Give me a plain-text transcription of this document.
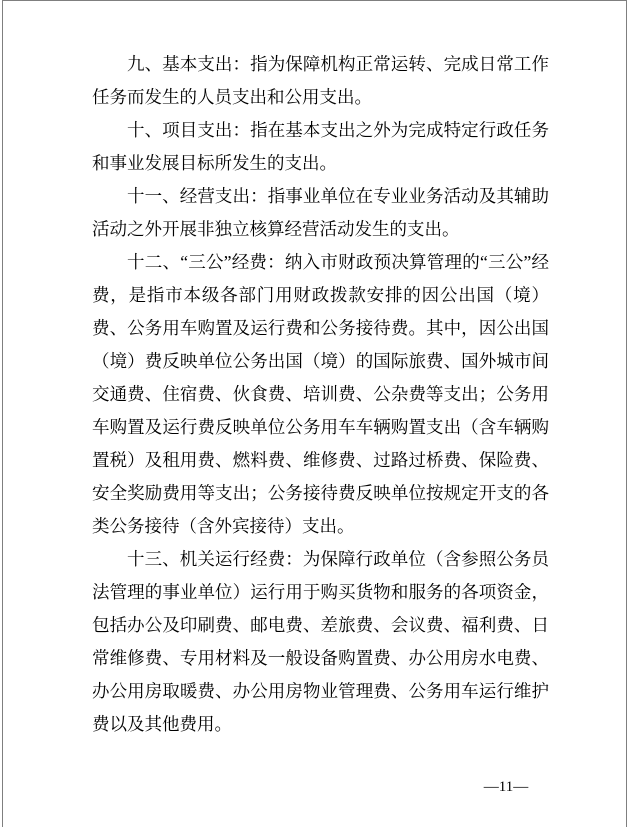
九、基本支出：指为保障机构正常运转、完成日常工作任务而发生的人员支出和公用支出。

十、项目支出：指在基本支出之外为完成特定行政任务和事业发展目标所发生的支出。

十一、经营支出：指事业单位在专业业务活动及其辅助活动之外开展非独立核算经营活动发生的支出。

十二、“三公”经费：纳入市财政预决算管理的“三公”经费，是指市本级各部门用财政拨款安排的因公出国（境）费、公务用车购置及运行费和公务接待费。其中，因公出国（境）费反映单位公务出国（境）的国际旅费、国外城市间交通费、住宿费、伙食费、培训费、公杂费等支出；公务用车购置及运行费反映单位公务用车车辆购置支出（含车辆购置税）及租用费、燃料费、维修费、过路过桥费、保险费、安全奖励费用等支出；公务接待费反映单位按规定开支的各类公务接待（含外宾接待）支出。

十三、机关运行经费：为保障行政单位（含参照公务员法管理的事业单位）运行用于购买货物和服务的各项资金，包括办公及印刷费、邮电费、差旅费、会议费、福利费、日常维修费、专用材料及一般设备购置费、办公用房水电费、办公用房取暖费、办公用房物业管理费、公务用车运行维护费以及其他费用。

—11—
